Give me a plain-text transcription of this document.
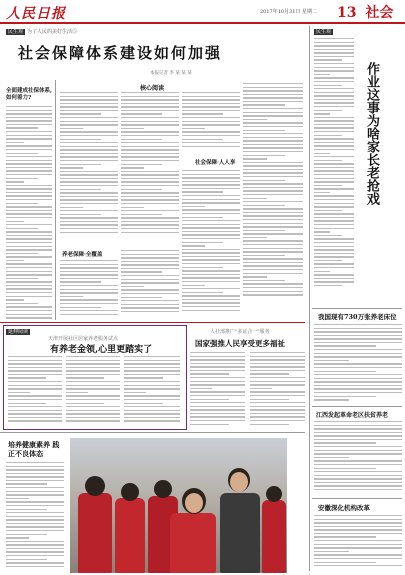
人民日报	2017年10月31日 星期二 13 社会
民生观 为了人民的美好生活⑤
社会保障体系建设如何加强
本报记者 李 某 某 某
全面建成社保体系,如何着力?
核心阅读
社会保障·人人享
养老保障·全覆盖
民生观
作业这事为啥家长老抢戏
延伸阅读
天津开展社区居家养老服务试点
有养老金领,心里更踏实了
人社部推广"多证合一"服务
国家强推人民享受更多福祉
我国现有730万张养老床位
江西发起革命老区扶贫养老
安徽深化机构改革
培养健康素养 践正不良体态
